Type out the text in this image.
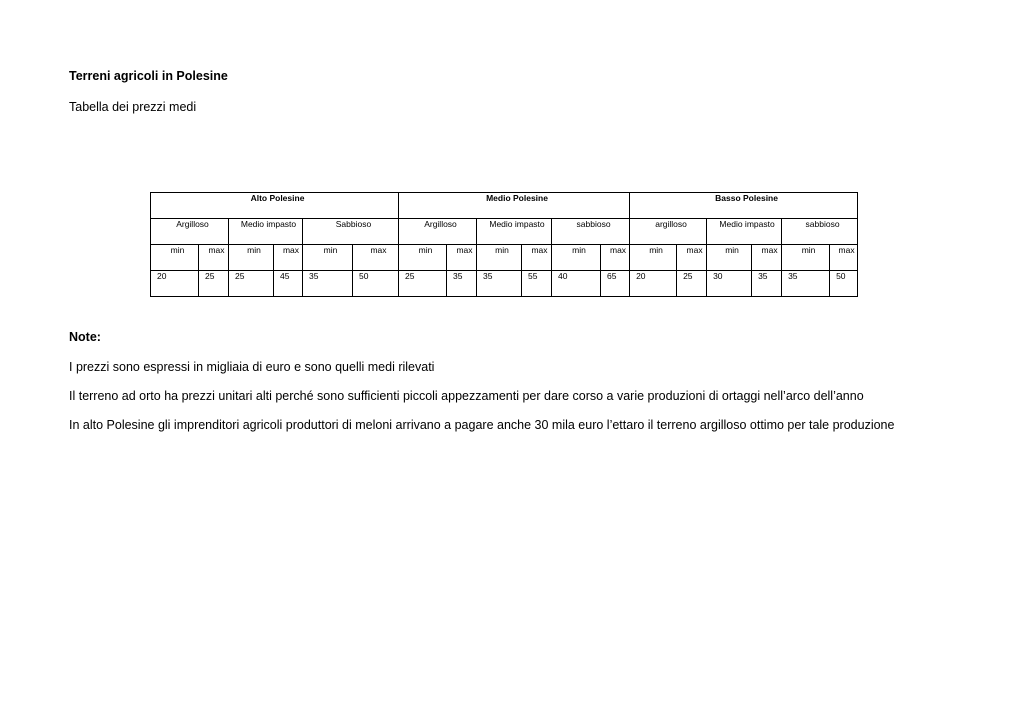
Terreni agricoli in Polesine
Tabella dei prezzi medi
Alto Polesine						Medio Polesine						Basso Polesine					
Argilloso		Medio impasto		Sabbioso		Argilloso		Medio impasto		sabbioso		argilloso		Medio impasto		sabbioso	
min	max	min	max	min	max	min	max	min	max	min	max	min	max	min	max	min	max
20	25	25	45	35	50	25	35	35	55	40	65	20	25	30	35	35	50
Note:
I prezzi sono espressi in migliaia di euro e sono quelli medi rilevati
Il terreno ad orto ha prezzi unitari alti perché sono sufficienti piccoli appezzamenti per dare corso a varie produzioni di ortaggi nell’arco dell’anno
In alto Polesine gli imprenditori agricoli produttori di meloni arrivano a pagare anche 30 mila euro l’ettaro il terreno argilloso ottimo per tale produzione
